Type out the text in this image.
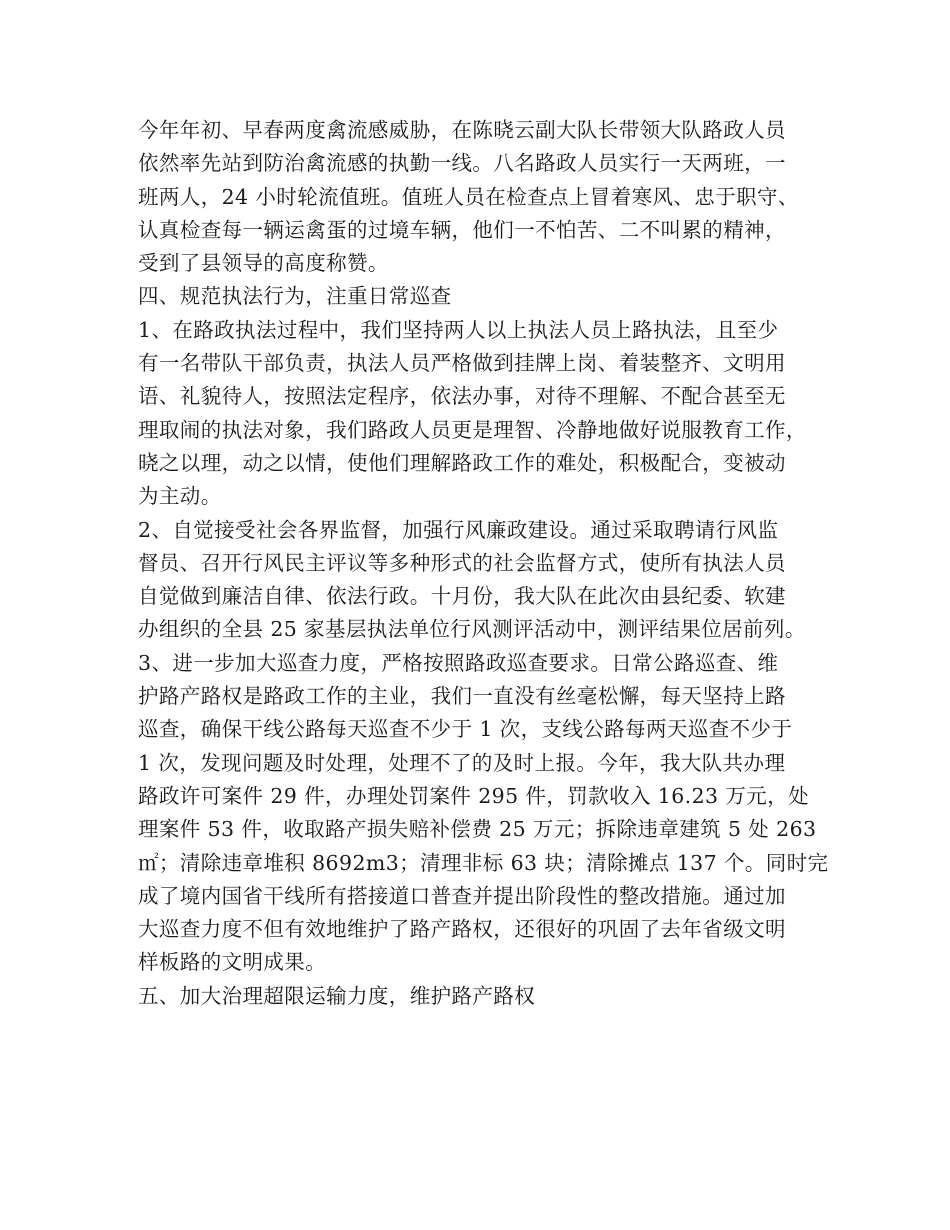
今年年初、早春两度禽流感威胁，在陈晓云副大队长带领大队路政人员
依然率先站到防治禽流感的执勤一线。八名路政人员实行一天两班，一
班两人，24 小时轮流值班。值班人员在检查点上冒着寒风、忠于职守、
认真检查每一辆运禽蛋的过境车辆，他们一不怕苦、二不叫累的精神，
受到了县领导的高度称赞。
四、规范执法行为，注重日常巡查
1、在路政执法过程中，我们坚持两人以上执法人员上路执法，且至少
有一名带队干部负责，执法人员严格做到挂牌上岗、着装整齐、文明用
语、礼貌待人，按照法定程序，依法办事，对待不理解、不配合甚至无
理取闹的执法对象，我们路政人员更是理智、冷静地做好说服教育工作，
晓之以理，动之以情，使他们理解路政工作的难处，积极配合，变被动
为主动。
2、自觉接受社会各界监督，加强行风廉政建设。通过采取聘请行风监
督员、召开行风民主评议等多种形式的社会监督方式，使所有执法人员
自觉做到廉洁自律、依法行政。十月份，我大队在此次由县纪委、软建
办组织的全县 25 家基层执法单位行风测评活动中，测评结果位居前列。
3、进一步加大巡查力度，严格按照路政巡查要求。日常公路巡查、维
护路产路权是路政工作的主业，我们一直没有丝毫松懈，每天坚持上路
巡查，确保干线公路每天巡查不少于 1 次，支线公路每两天巡查不少于
1 次，发现问题及时处理，处理不了的及时上报。今年，我大队共办理
路政许可案件 29 件，办理处罚案件 295 件，罚款收入 16.23 万元，处
理案件 53 件，收取路产损失赔补偿费 25 万元；拆除违章建筑 5 处 263
㎡；清除违章堆积 8692m3；清理非标 63 块；清除摊点 137 个。同时完
成了境内国省干线所有搭接道口普查并提出阶段性的整改措施。通过加
大巡查力度不但有效地维护了路产路权，还很好的巩固了去年省级文明
样板路的文明成果。
五、加大治理超限运输力度，维护路产路权
